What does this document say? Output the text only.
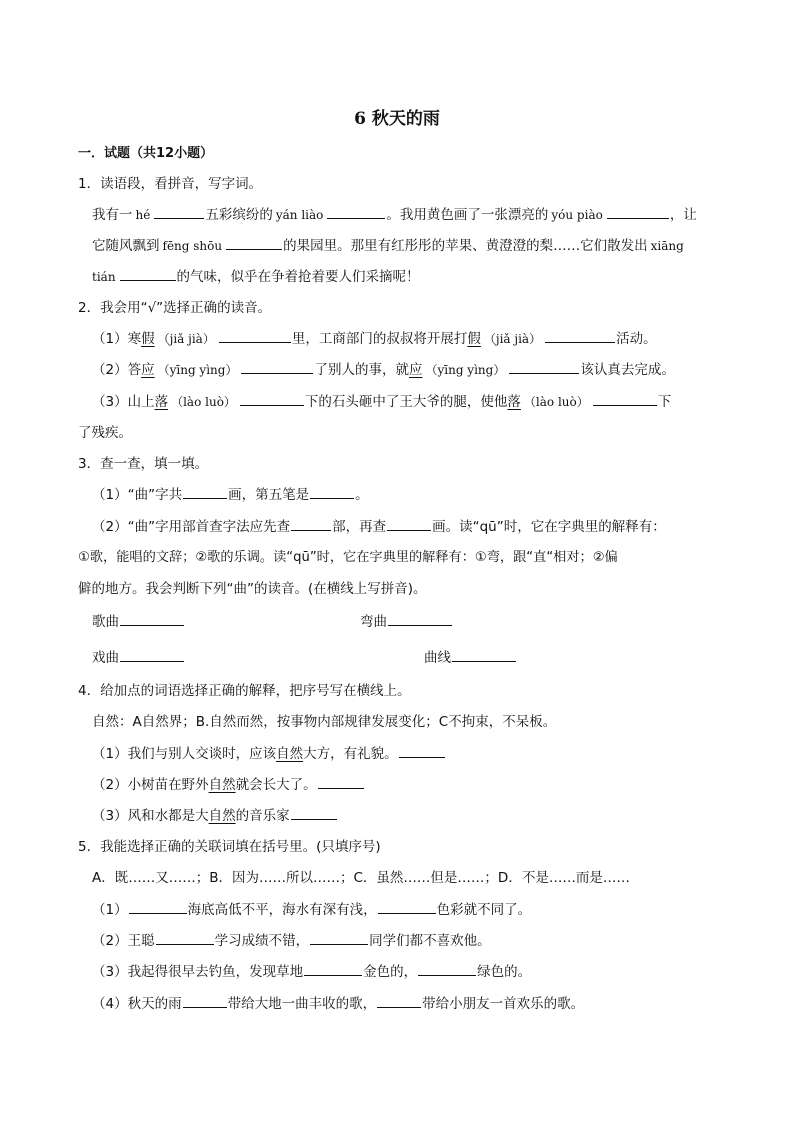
6 秋天的雨
一．试题（共12小题）
1．读语段，看拼音，写字词。
我有一 hé	五彩缤纷的 yán liào	。我用黄色画了一张漂亮的 yóu piào	，让
它随风飘到 fēng shōu	的果园里。那里有红彤彤的苹果、黄澄澄的梨……它们散发出 xiāng
tián	的气味，似乎在争着抢着要人们采摘呢！
2．我会用“√”选择正确的读音。
（1）寒假 （jiǎ jià）	里，工商部门的叔叔将开展打假 （jiǎ jià）	活动。
（2）答应 （yīng yìng）	了别人的事，就应 （yīng yìng）	该认真去完成。
（3）山上落 （lào luò）	下的石头砸中了王大爷的腿，使他落 （lào luò）	下
了残疾。
3．查一查，填一填。
（1）“曲”字共	画，第五笔是	。
（2）“曲”字用部首查字法应先查	部，再查	画。读“qū”时，它在字典里的解释有：
①歌，能唱的文辞；②歌的乐调。读“qū”时，它在字典里的解释有：①弯，跟“直“相对；②偏
僻的地方。我会判断下列“曲”的读音。(在横线上写拼音)。
歌曲	弯曲
戏曲	曲线
4．给加点的词语选择正确的解释，把序号写在横线上。
自然：A自然界；B.自然而然，按事物内部规律发展变化；C不拘束，不呆板。
（1）我们与别人交谈时，应该自然大方，有礼貌。
（2）小树苗在野外自然就会长大了。
（3）风和水都是大自然的音乐家
5．我能选择正确的关联词填在括号里。(只填序号)
A．既……又……；B．因为……所以……；C．虽然……但是……；D．不是……而是……
（1）	海底高低不平，海水有深有浅，	色彩就不同了。
（2）王聪	学习成绩不错，	同学们都不喜欢他。
（3）我起得很早去钓鱼，发现草地	金色的，	绿色的。
（4）秋天的雨	带给大地一曲丰收的歌，	带给小朋友一首欢乐的歌。
